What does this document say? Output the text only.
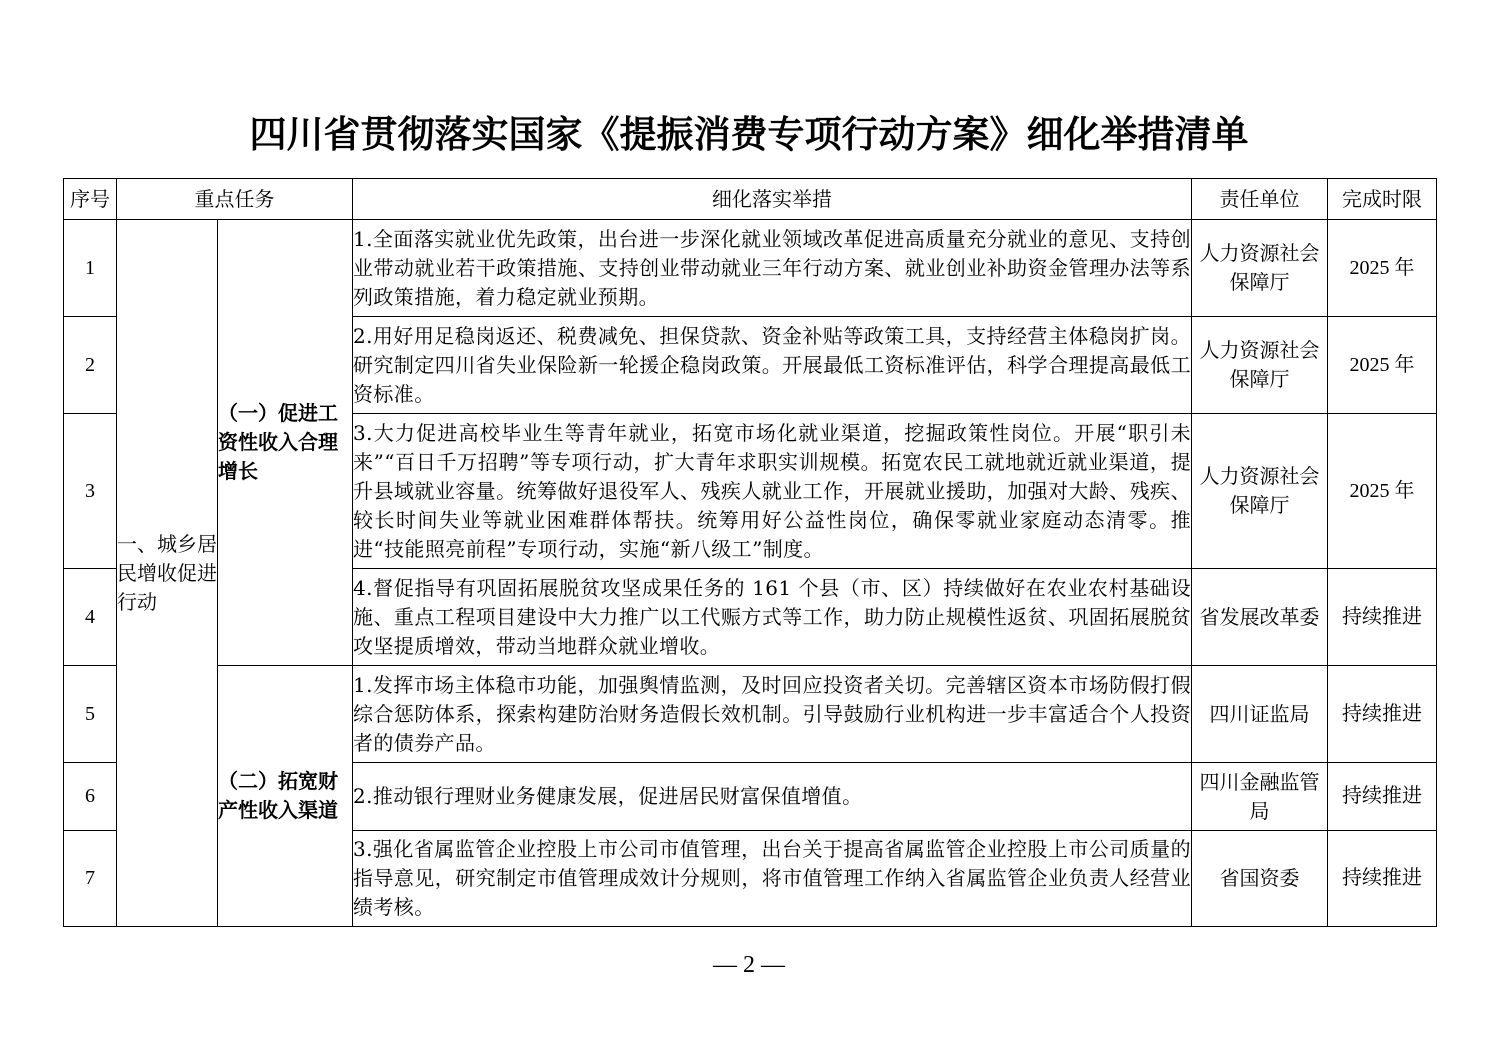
四川省贯彻落实国家《提振消费专项行动方案》细化举措清单
序号	重点任务		细化落实举措	责任单位	完成时限
1	一、城乡居民增收促进行动	（一）促进工资性收入合理增长	1.全面落实就业优先政策，出台进一步深化就业领域改革促进高质量充分就业的意见、支持创业带动就业若干政策措施、支持创业带动就业三年行动方案、就业创业补助资金管理办法等系列政策措施，着力稳定就业预期。	人力资源社会保障厅	2025 年
2			2.用好用足稳岗返还、税费减免、担保贷款、资金补贴等政策工具，支持经营主体稳岗扩岗。研究制定四川省失业保险新一轮援企稳岗政策。开展最低工资标准评估，科学合理提高最低工资标准。	人力资源社会保障厅	2025 年
3			3.大力促进高校毕业生等青年就业，拓宽市场化就业渠道，挖掘政策性岗位。开展“职引未来”“百日千万招聘”等专项行动，扩大青年求职实训规模。拓宽农民工就地就近就业渠道，提升县域就业容量。统筹做好退役军人、残疾人就业工作，开展就业援助，加强对大龄、残疾、较长时间失业等就业困难群体帮扶。统筹用好公益性岗位，确保零就业家庭动态清零。推进“技能照亮前程”专项行动，实施“新八级工”制度。	人力资源社会保障厅	2025 年
4			4.督促指导有巩固拓展脱贫攻坚成果任务的 161 个县（市、区）持续做好在农业农村基础设施、重点工程项目建设中大力推广以工代赈方式等工作，助力防止规模性返贫、巩固拓展脱贫攻坚提质增效，带动当地群众就业增收。	省发展改革委	持续推进
5		（二）拓宽财产性收入渠道	1.发挥市场主体稳市功能，加强舆情监测，及时回应投资者关切。完善辖区资本市场防假打假综合惩防体系，探索构建防治财务造假长效机制。引导鼓励行业机构进一步丰富适合个人投资者的债券产品。	四川证监局	持续推进
6			2.推动银行理财业务健康发展，促进居民财富保值增值。	四川金融监管局	持续推进
7			3.强化省属监管企业控股上市公司市值管理，出台关于提高省属监管企业控股上市公司质量的指导意见，研究制定市值管理成效计分规则，将市值管理工作纳入省属监管企业负责人经营业绩考核。	省国资委	持续推进
— 2 —
